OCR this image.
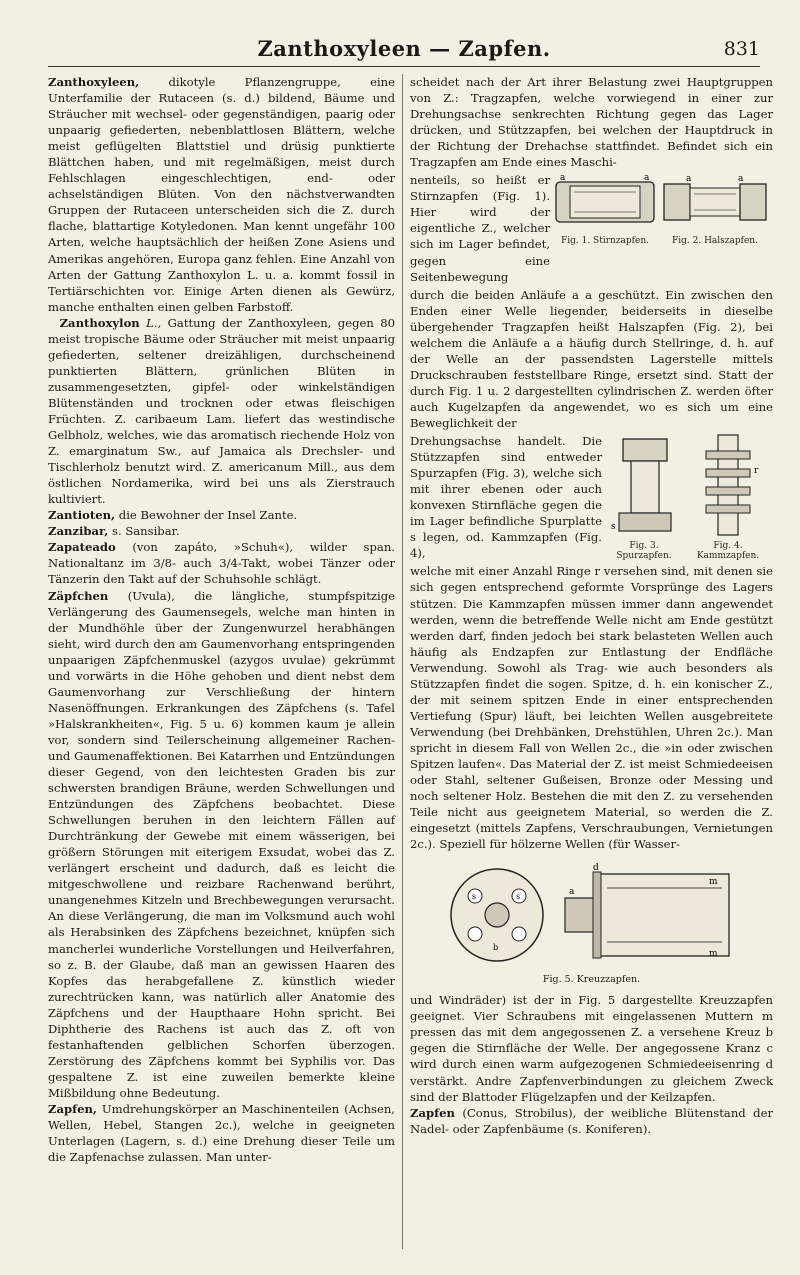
Zanthoxyleen — Zapfen.	831

Zanthoxyleen, dikotyle Pflanzengruppe, eine Unterfamilie der Rutaceen (s. d.) bildend, Bäume und Sträucher mit wechsel- oder gegenständigen, paarig oder unpaarig gefiederten, nebenblattlosen Blättern, welche meist geflügelten Blattstiel und drüsig punktierte Blättchen haben, und mit regelmäßigen, meist durch Fehlschlagen eingeschlechtigen, end- oder achselständigen Blüten. Von den nächstverwandten Gruppen der Rutaceen unterscheiden sich die Z. durch flache, blattartige Kotyledonen. Man kennt ungefähr 100 Arten, welche hauptsächlich der heißen Zone Asiens und Amerikas angehören, Europa ganz fehlen. Eine Anzahl von Arten der Gattung Zanthoxylon L. u. a. kommt fossil in Tertiärschichten vor. Einige Arten dienen als Gewürz, manche enthalten einen gelben Farbstoff.

 Zanthoxylon L., Gattung der Zanthoxyleen, gegen 80 meist tropische Bäume oder Sträucher mit meist unpaarig gefiederten, seltener dreizähligen, durchscheinend punktierten Blättern, grünlichen Blüten in zusammengesetzten, gipfel- oder winkelständigen Blütenständen und trocknen oder etwas fleischigen Früchten. Z. caribaeum Lam. liefert das westindische Gelbholz, welches, wie das aromatisch riechende Holz von Z. emarginatum Sw., auf Jamaica als Drechsler- und Tischlerholz benutzt wird. Z. americanum Mill., aus dem östlichen Nordamerika, wird bei uns als Zierstrauch kultiviert.

Zantioten, die Bewohner der Insel Zante.

Zanzibar, s. Sansibar.

Zapateado (von zapáto, »Schuh«), wilder span. Nationaltanz im 3/8- auch 3/4-Takt, wobei Tänzer oder Tänzerin den Takt auf der Schuhsohle schlägt.

Zäpfchen (Uvula), die längliche, stumpfspitzige Verlängerung des Gaumensegels, welche man hinten in der Mundhöhle über der Zungenwurzel herabhängen sieht, wird durch den am Gaumenvorhang entspringenden unpaarigen Zäpfchenmuskel (azygos uvulae) gekrümmt und vorwärts in die Höhe gehoben und dient nebst dem Gaumenvorhang zur Verschließung der hintern Nasenöffnungen. Erkrankungen des Zäpfchens (s. Tafel »Halskrankheiten«, Fig. 5 u. 6) kommen kaum je allein vor, sondern sind Teilerscheinung allgemeiner Rachen- und Gaumenaffektionen. Bei Katarrhen und Entzündungen dieser Gegend, von den leichtesten Graden bis zur schwersten brandigen Bräune, werden Schwellungen und Entzündungen des Zäpfchens beobachtet. Diese Schwellungen beruhen in den leichtern Fällen auf Durchtränkung der Gewebe mit einem wässerigen, bei größern Störungen mit eiterigem Exsudat, wobei das Z. verlängert erscheint und dadurch, daß es leicht die mitgeschwollene und reizbare Rachenwand berührt, unangenehmes Kitzeln und Brechbewegungen verursacht. An diese Verlängerung, die man im Volksmund auch wohl als Herabsinken des Zäpfchens bezeichnet, knüpfen sich mancherlei wunderliche Vorstellungen und Heilverfahren, so z. B. der Glaube, daß man an gewissen Haaren des Kopfes das herabgefallene Z. künstlich wieder zurechtrücken kann, was natürlich aller Anatomie des Zäpfchens und der Haupthaare Hohn spricht. Bei Diphtherie des Rachens ist auch das Z. oft von festanhaftenden gelblichen Schorfen überzogen. Zerstörung des Zäpfchens kommt bei Syphilis vor. Das gespaltene Z. ist eine zuweilen bemerkte kleine Mißbildung ohne Bedeutung.

Zapfen, Umdrehungskörper an Maschinenteilen (Achsen, Wellen, Hebel, Stangen 2c.), welche in geeigneten Unterlagen (Lagern, s. d.) eine Drehung dieser Teile um die Zapfenachse zulassen. Man unter-

scheidet nach der Art ihrer Belastung zwei Hauptgruppen von Z.: Tragzapfen, welche vorwiegend in einer zur Drehungsachse senkrechten Richtung gegen das Lager drücken, und Stützzapfen, bei welchen der Hauptdruck in der Richtung der Drehachse stattfindet. Befindet sich ein Tragzapfen am Ende eines Maschi-

nenteils, so heißt er Stirnzapfen (Fig. 1). Hier wird der eigentliche Z., welcher sich im Lager befindet, gegen eine Seitenbewegung
a	a
Fig. 1. Stirnzapfen.
a	a
Fig. 2. Halszapfen.

durch die beiden Anläufe a a geschützt. Ein zwischen den Enden einer Welle liegender, beiderseits in dieselbe übergehender Tragzapfen heißt Halszapfen (Fig. 2), bei welchem die Anläufe a a häufig durch Stellringe, d. h. auf der Welle an der passendsten Lagerstelle mittels Druckschrauben feststellbare Ringe, ersetzt sind. Statt der durch Fig. 1 u. 2 dargestellten cylindrischen Z. werden öfter auch Kugelzapfen da angewendet, wo es sich um eine Beweglichkeit der

Drehungsachse handelt. Die Stützzapfen sind entweder Spurzapfen (Fig. 3), welche sich mit ihrer ebenen oder auch konvexen Stirnfläche gegen die im Lager befindliche Spurplatte s legen, od. Kammzapfen (Fig. 4),
s
Fig. 3. Spurzapfen.
r
Fig. 4. Kammzapfen.

welche mit einer Anzahl Ringe r versehen sind, mit denen sie sich gegen entsprechend geformte Vorsprünge des Lagers stützen. Die Kammzapfen müssen immer dann angewendet werden, wenn die betreffende Welle nicht am Ende gestützt werden darf, finden jedoch bei stark belasteten Wellen auch häufig als Endzapfen zur Entlastung der Endfläche Verwendung. Sowohl als Trag- wie auch besonders als Stützzapfen findet die sogen. Spitze, d. h. ein konischer Z., der mit seinem spitzen Ende in einer entsprechenden Vertiefung (Spur) läuft, bei leichten Wellen ausgebreitete Verwendung (bei Drehbänken, Drehstühlen, Uhren 2c.). Man spricht in diesem Fall von Wellen 2c., die »in oder zwischen Spitzen laufen«. Das Material der Z. ist meist Schmiedeeisen oder Stahl, seltener Gußeisen, Bronze oder Messing und noch seltener Holz. Bestehen die mit den Z. zu versehenden Teile nicht aus geeignetem Material, so werden die Z. eingesetzt (mittels Zapfens, Verschraubungen, Vernietungen 2c.). Speziell für hölzerne Wellen (für Wasser-

s	s
b
a
d
m
m
Fig. 5. Kreuzzapfen.

und Windräder) ist der in Fig. 5 dargestellte Kreuzzapfen geeignet. Vier Schraubens mit eingelassenen Muttern m pressen das mit dem angegossenen Z. a versehene Kreuz b gegen die Stirnfläche der Welle. Der angegossene Kranz c wird durch einen warm aufgezogenen Schmiedeeisenring d verstärkt. Andre Zapfenverbindungen zu gleichem Zweck sind der Blattoder Flügelzapfen und der Keilzapfen.

Zapfen (Conus, Strobilus), der weibliche Blütenstand der Nadel- oder Zapfenbäume (s. Koniferen).
